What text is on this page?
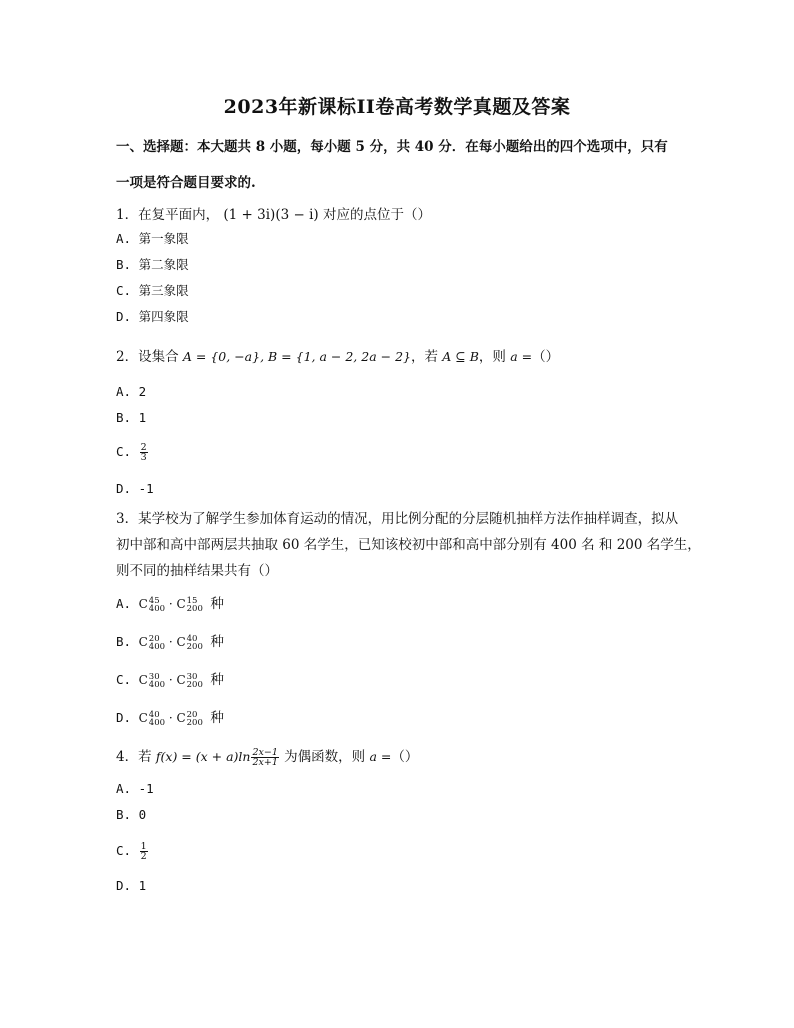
2023年新课标II卷高考数学真题及答案
一、选择题：本大题共 8 小题，每小题 5 分，共 40 分．在每小题给出的四个选项中，只有
一项是符合题目要求的.
1．在复平面内， (1 + 3i)(3 − i) 对应的点位于（）
A. 第一象限
B. 第二象限
C. 第三象限
D. 第四象限
2．设集合 A = {0, −a}, B = {1, a − 2, 2a − 2}，若 A ⊆ B，则 a =（）
A. 2
B. 1
C. $\frac{2}{3}$
D. -1
3．某学校为了解学生参加体育运动的情况，用比例分配的分层随机抽样方法作抽样调查，拟从
初中部和高中部两层共抽取 60 名学生，已知该校初中部和高中部分别有 400 名 和 200 名学生，
则不同的抽样结果共有（）
A. C 45
400 · C 15
200 种
B. C 20
400 · C 40
200 种
C. C 30
400 · C 30
200 种
D. C 40
400 · C 20
200 种
4．若 $f(x) = (x + a)\ln \frac{2x-1}{2x+1}$ 为偶函数，则 a =（）
A. -1
B. 0
C. $\frac{1}{2}$
D. 1
